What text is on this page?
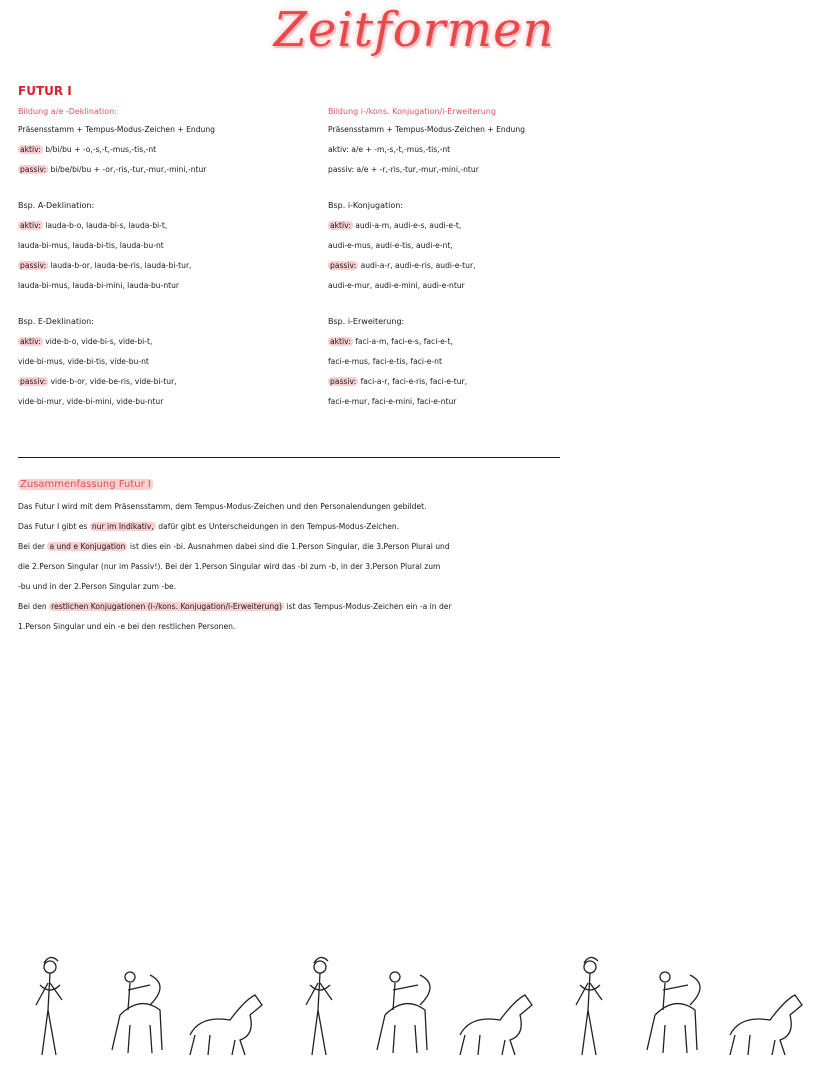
Zeitformen
FUTUR I
Bildung a/e -Deklination:
Präsensstamm + Tempus-Modus-Zeichen + Endung
aktiv: b/bi/bu + -o,-s,-t,-mus,-tis,-nt
passiv: bi/be/bi/bu + -or,-ris,-tur,-mur,-mini,-ntur
Bsp. A-Deklination:
aktiv: lauda-b-o, lauda-bi-s, lauda-bi-t,
lauda-bi-mus, lauda-bi-tis, lauda-bu-nt
passiv: lauda-b-or, lauda-be-ris, lauda-bi-tur,
lauda-bi-mus, lauda-bi-mini, lauda-bu-ntur
Bsp. E-Deklination:
aktiv: vide-b-o, vide-bi-s, vide-bi-t,
vide-bi-mus, vide-bi-tis, vide-bu-nt
passiv: vide-b-or, vide-be-ris, vide-bi-tur,
vide-bi-mur, vide-bi-mini, vide-bu-ntur
Bildung i-/kons. Konjugation/i-Erweiterung
Präsensstamm + Tempus-Modus-Zeichen + Endung
aktiv: a/e + -m,-s,-t,-mus,-tis,-nt
passiv: a/e + -r,-ris,-tur,-mur,-mini,-ntur
Bsp. i-Konjugation:
aktiv: audi-a-m, audi-e-s, audi-e-t,
audi-e-mus, audi-e-tis, audi-e-nt,
passiv: audi-a-r, audi-e-ris, audi-e-tur,
audi-e-mur, audi-e-mini, audi-e-ntur
Bsp. i-Erweiterung:
aktiv: faci-a-m, faci-e-s, faci-e-t,
faci-e-mus, faci-e-tis, faci-e-nt
passiv: faci-a-r, faci-e-ris, faci-e-tur,
faci-e-mur, faci-e-mini, faci-e-ntur
Zusammenfassung Futur I

Das Futur I wird mit dem Präsensstamm, dem Tempus-Modus-Zeichen und den Personalendungen gebildet.

Das Futur I gibt es nur im Indikativ, dafür gibt es Unterscheidungen in den Tempus-Modus-Zeichen.

Bei der a und e Konjugation ist dies ein -bi. Ausnahmen dabei sind die 1.Person Singular, die 3.Person Plural und

die 2.Person Singular (nur im Passiv!). Bei der 1.Person Singular wird das -bi zum -b, in der 3.Person Plural zum

-bu und in der 2.Person Singular zum -be.

Bei den restlichen Konjugationen (i-/kons. Konjugation/i-Erweiterung) ist das Tempus-Modus-Zeichen ein -a in der

1.Person Singular und ein -e bei den restlichen Personen.
